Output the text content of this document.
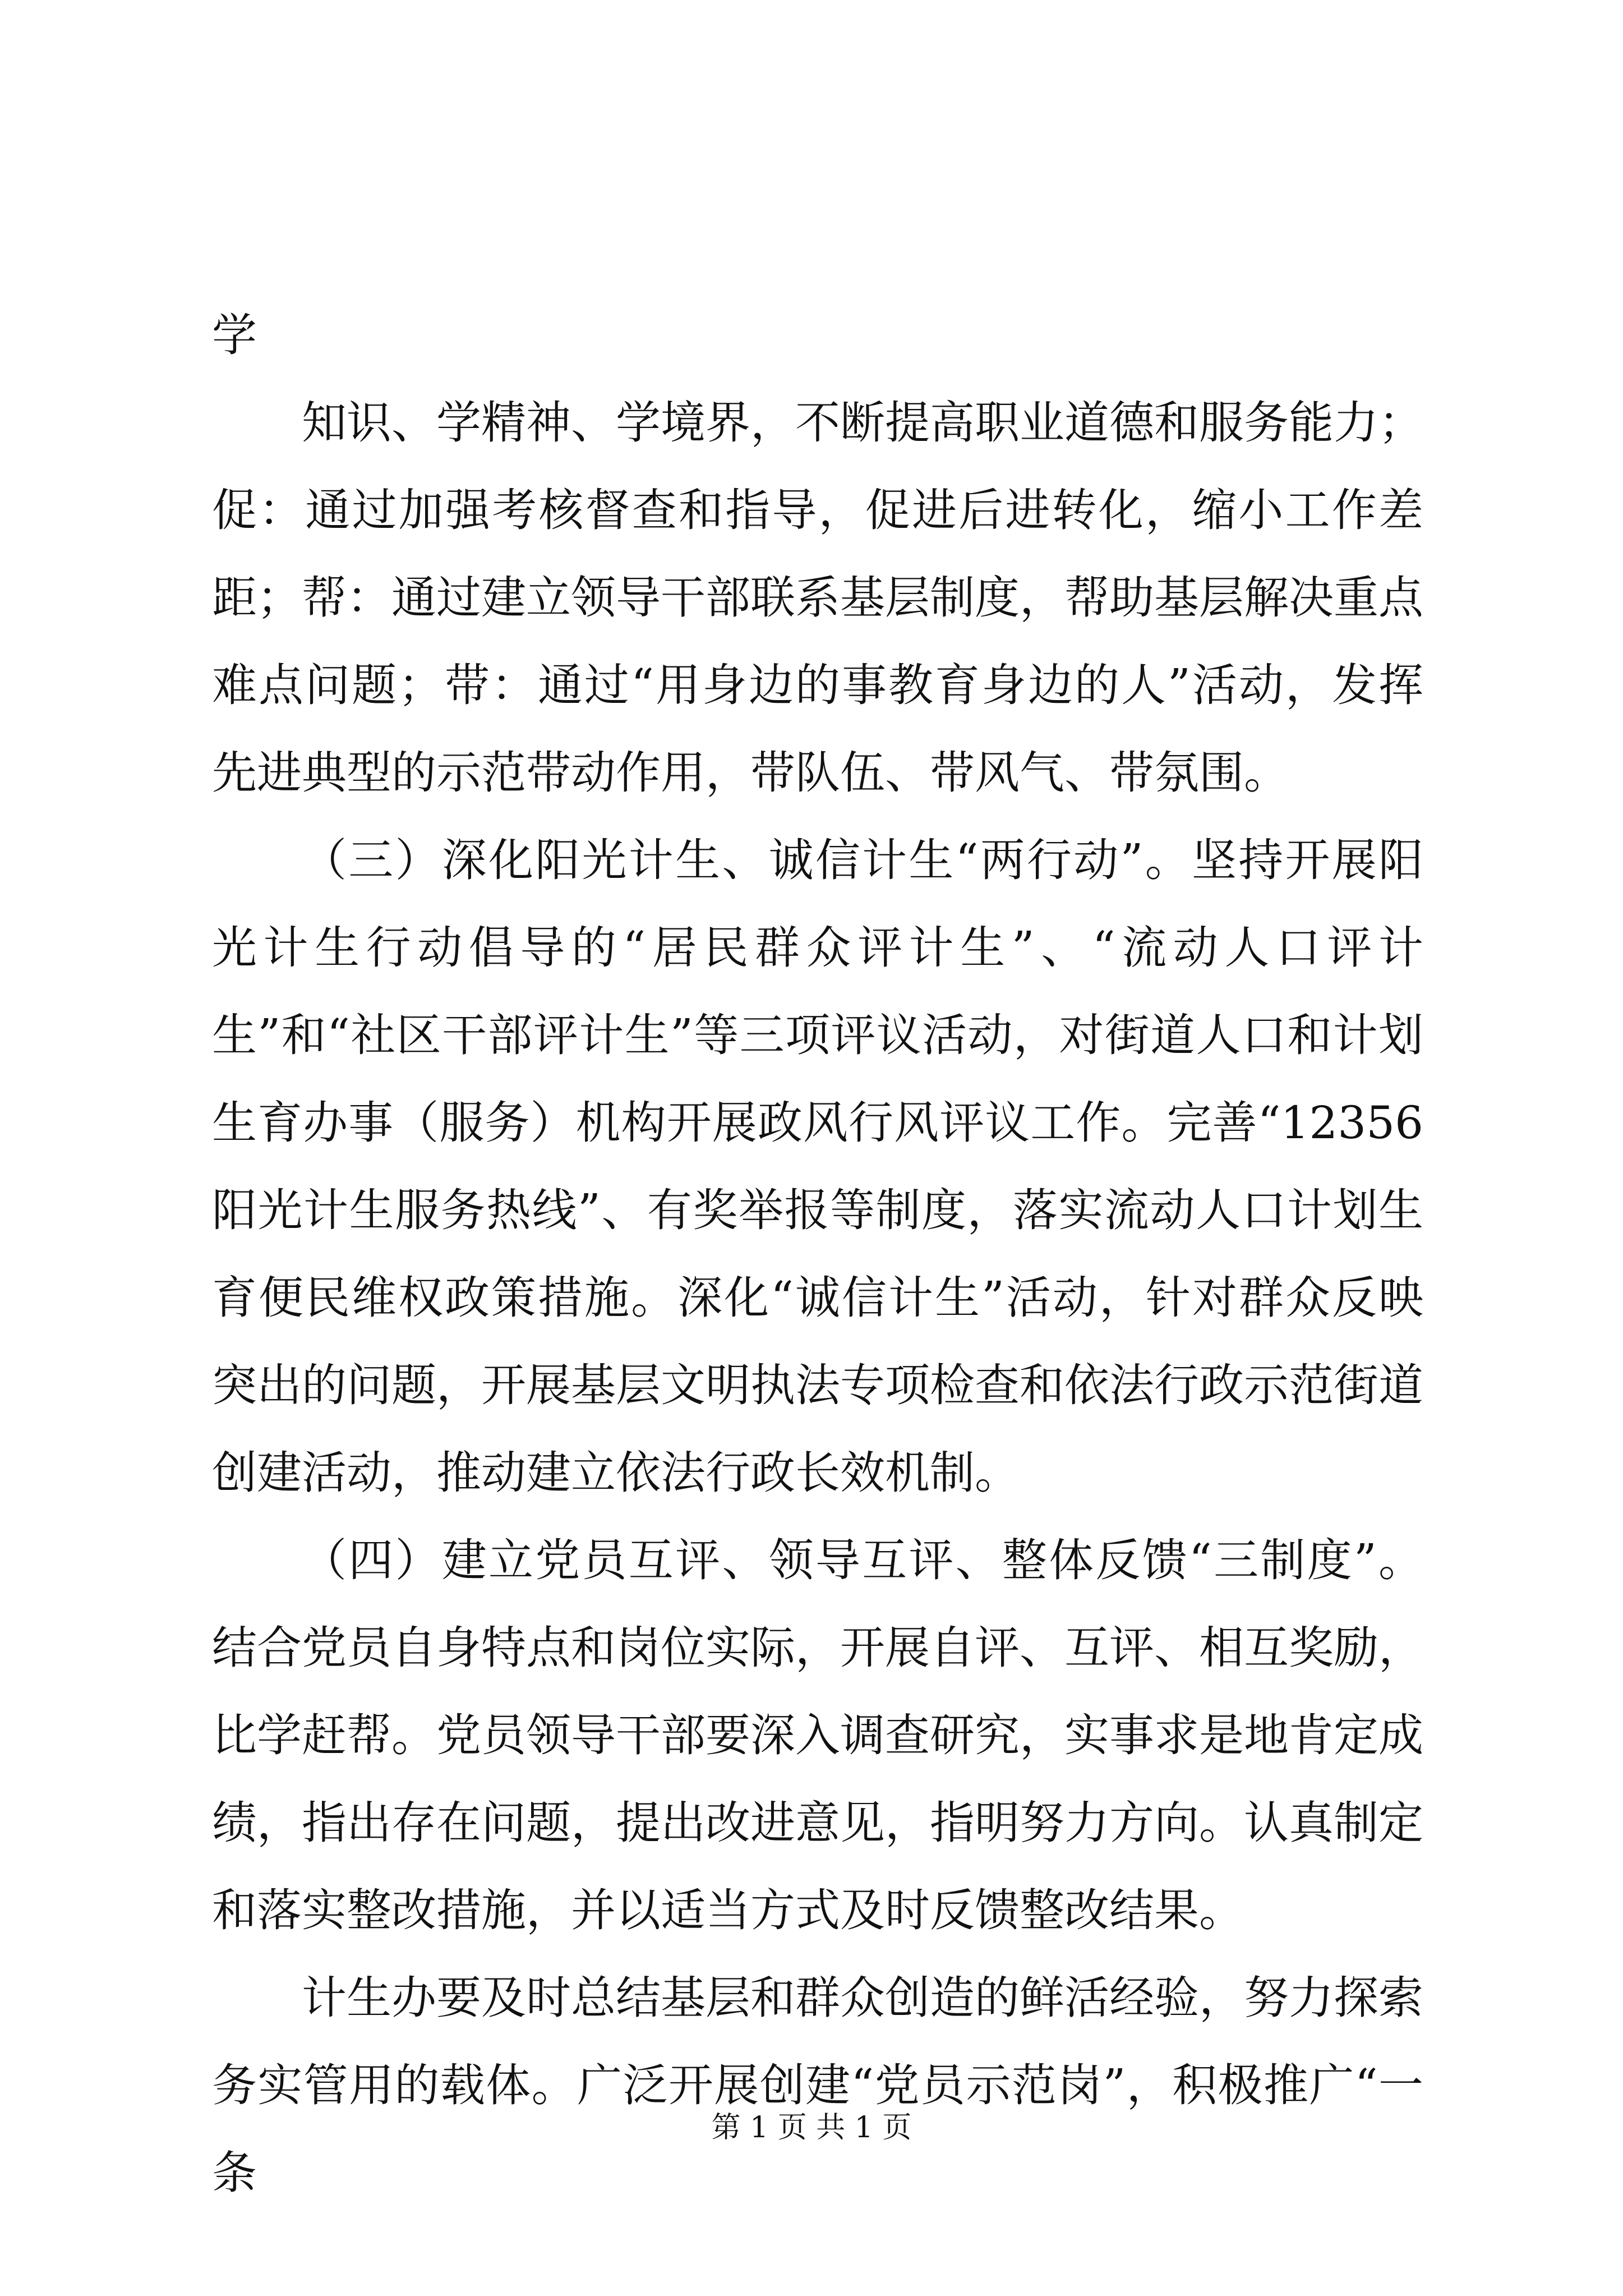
学

知识、学精神、学境界，不断提高职业道德和服务能力；促：通过加强考核督查和指导，促进后进转化，缩小工作差距；帮：通过建立领导干部联系基层制度，帮助基层解决重点难点问题；带：通过“用身边的事教育身边的人”活动，发挥先进典型的示范带动作用，带队伍、带风气、带氛围。

（三）深化阳光计生、诚信计生“两行动”。坚持开展阳光计生行动倡导的“居民群众评计生”、“流动人口评计生”和“社区干部评计生”等三项评议活动，对街道人口和计划生育办事（服务）机构开展政风行风评议工作。完善“12356阳光计生服务热线”、有奖举报等制度，落实流动人口计划生育便民维权政策措施。深化“诚信计生”活动，针对群众反映突出的问题，开展基层文明执法专项检查和依法行政示范街道创建活动，推动建立依法行政长效机制。

（四）建立党员互评、领导互评、整体反馈“三制度”。结合党员自身特点和岗位实际，开展自评、互评、相互奖励，比学赶帮。党员领导干部要深入调查研究，实事求是地肯定成绩，指出存在问题，提出改进意见，指明努力方向。认真制定和落实整改措施，并以适当方式及时反馈整改结果。

计生办要及时总结基层和群众创造的鲜活经验，努力探索务实管用的载体。广泛开展创建“党员示范岗”，积极推广“一条

第 1 页 共 1 页
